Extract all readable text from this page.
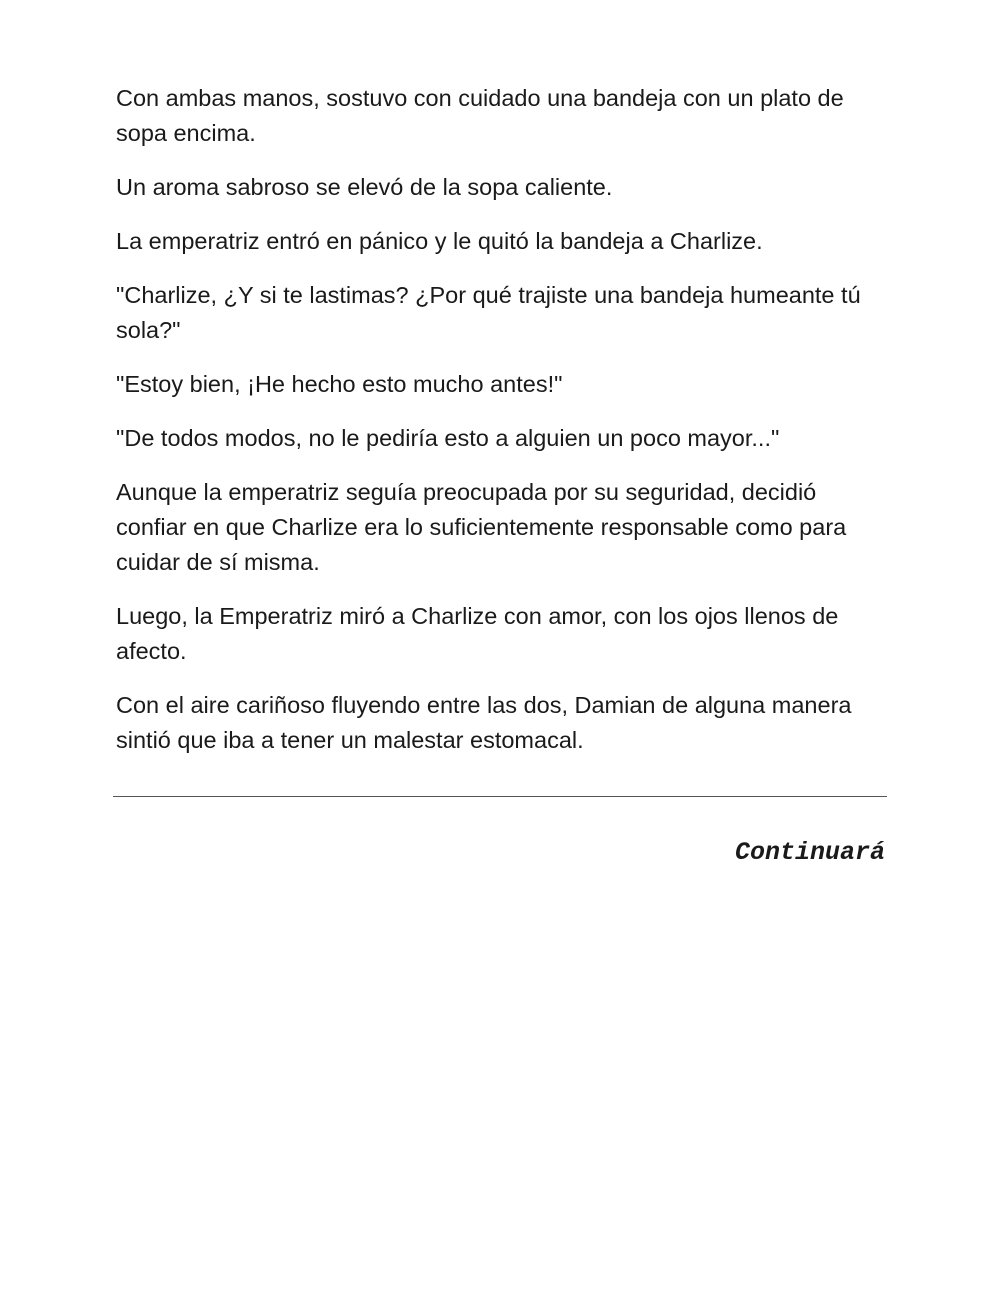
Con ambas manos, sostuvo con cuidado una bandeja con un plato de sopa encima.

Un aroma sabroso se elevó de la sopa caliente.

La emperatriz entró en pánico y le quitó la bandeja a Charlize.

"Charlize, ¿Y si te lastimas? ¿Por qué trajiste una bandeja humeante tú sola?"

"Estoy bien, ¡He hecho esto mucho antes!"

"De todos modos, no le pediría esto a alguien un poco mayor..."

Aunque la emperatriz seguía preocupada por su seguridad, decidió confiar en que Charlize era lo suficientemente responsable como para cuidar de sí misma.

Luego, la Emperatriz miró a Charlize con amor, con los ojos llenos de afecto.

Con el aire cariñoso fluyendo entre las dos, Damian de alguna manera sintió que iba a tener un malestar estomacal.

Continuará
